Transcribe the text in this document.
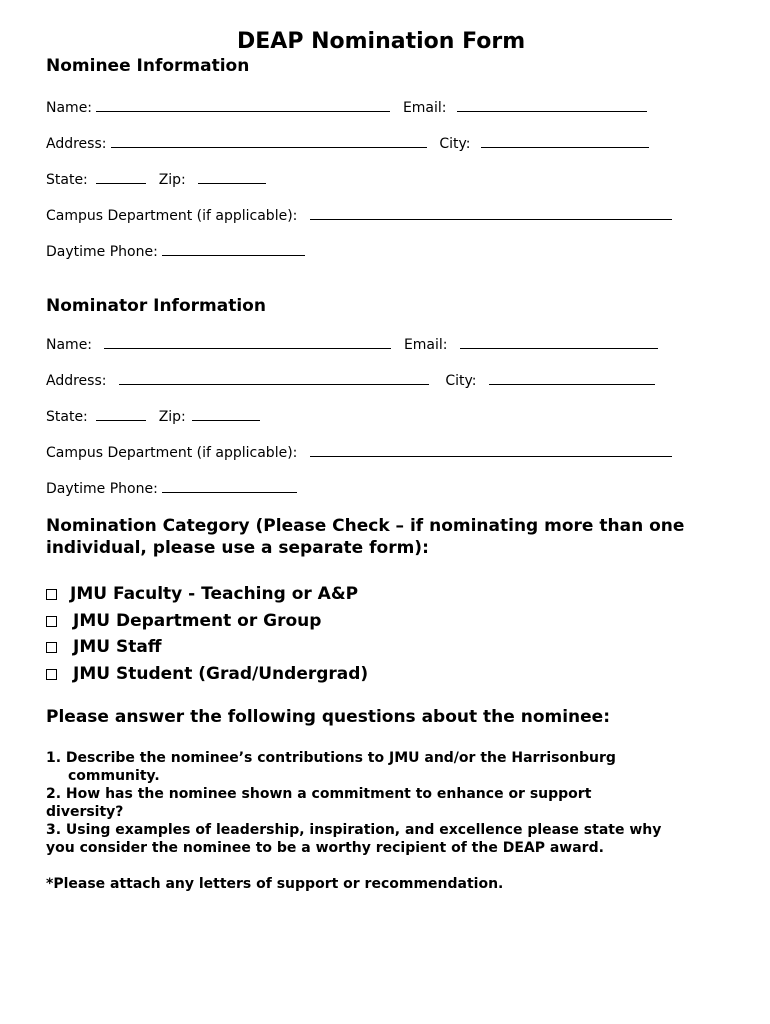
DEAP Nomination Form
Nominee Information
Name:	Email:
Address:	City:
State:	Zip:
Campus Department (if applicable):
Daytime Phone:
Nominator Information
Name:	Email:
Address:	City:
State:	Zip:
Campus Department (if applicable):
Daytime Phone:
Nomination Category (Please Check – if nominating more than one
individual, please use a separate form):
JMU Faculty - Teaching or A&P
JMU Department or Group
JMU Staff
JMU Student (Grad/Undergrad)
Please answer the following questions about the nominee:
1. Describe the nominee’s contributions to JMU and/or the Harrisonburg
community.
2. How has the nominee shown a commitment to enhance or support
diversity?
3. Using examples of leadership, inspiration, and excellence please state why
you consider the nominee to be a worthy recipient of the DEAP award.
*Please attach any letters of support or recommendation.
